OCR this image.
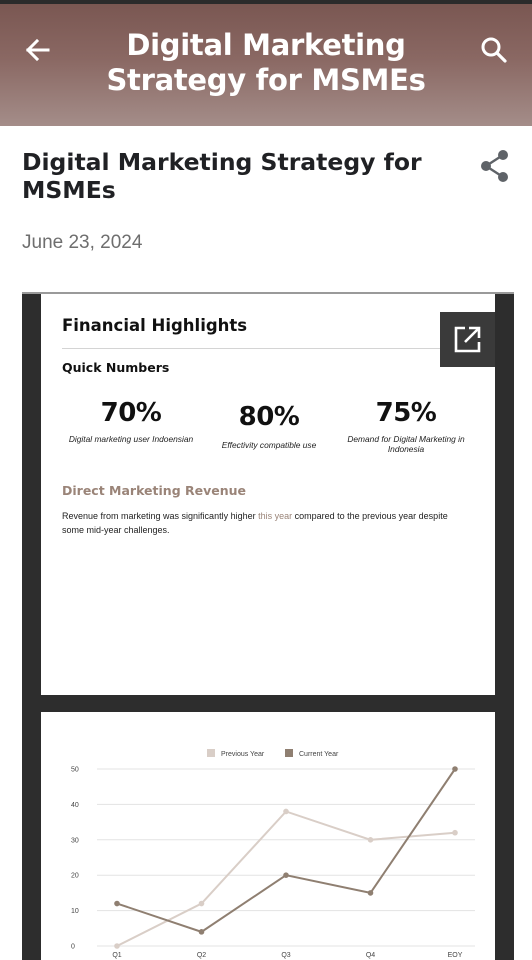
Digital Marketing Strategy for MSMEs
Digital Marketing Strategy for MSMEs
June 23, 2024
Financial Highlights
Quick Numbers
70%
Digital marketing user Indoensian
80%
Effectivity compatible use
75%
Demand for Digital Marketing in Indonesia
Direct Marketing Revenue
Revenue from marketing was significantly higher this year compared to the previous year despite some mid-year challenges.
0
10
20
30
40
50
Q1	Q2	Q3	Q4	EOY
Previous Year	Current Year
